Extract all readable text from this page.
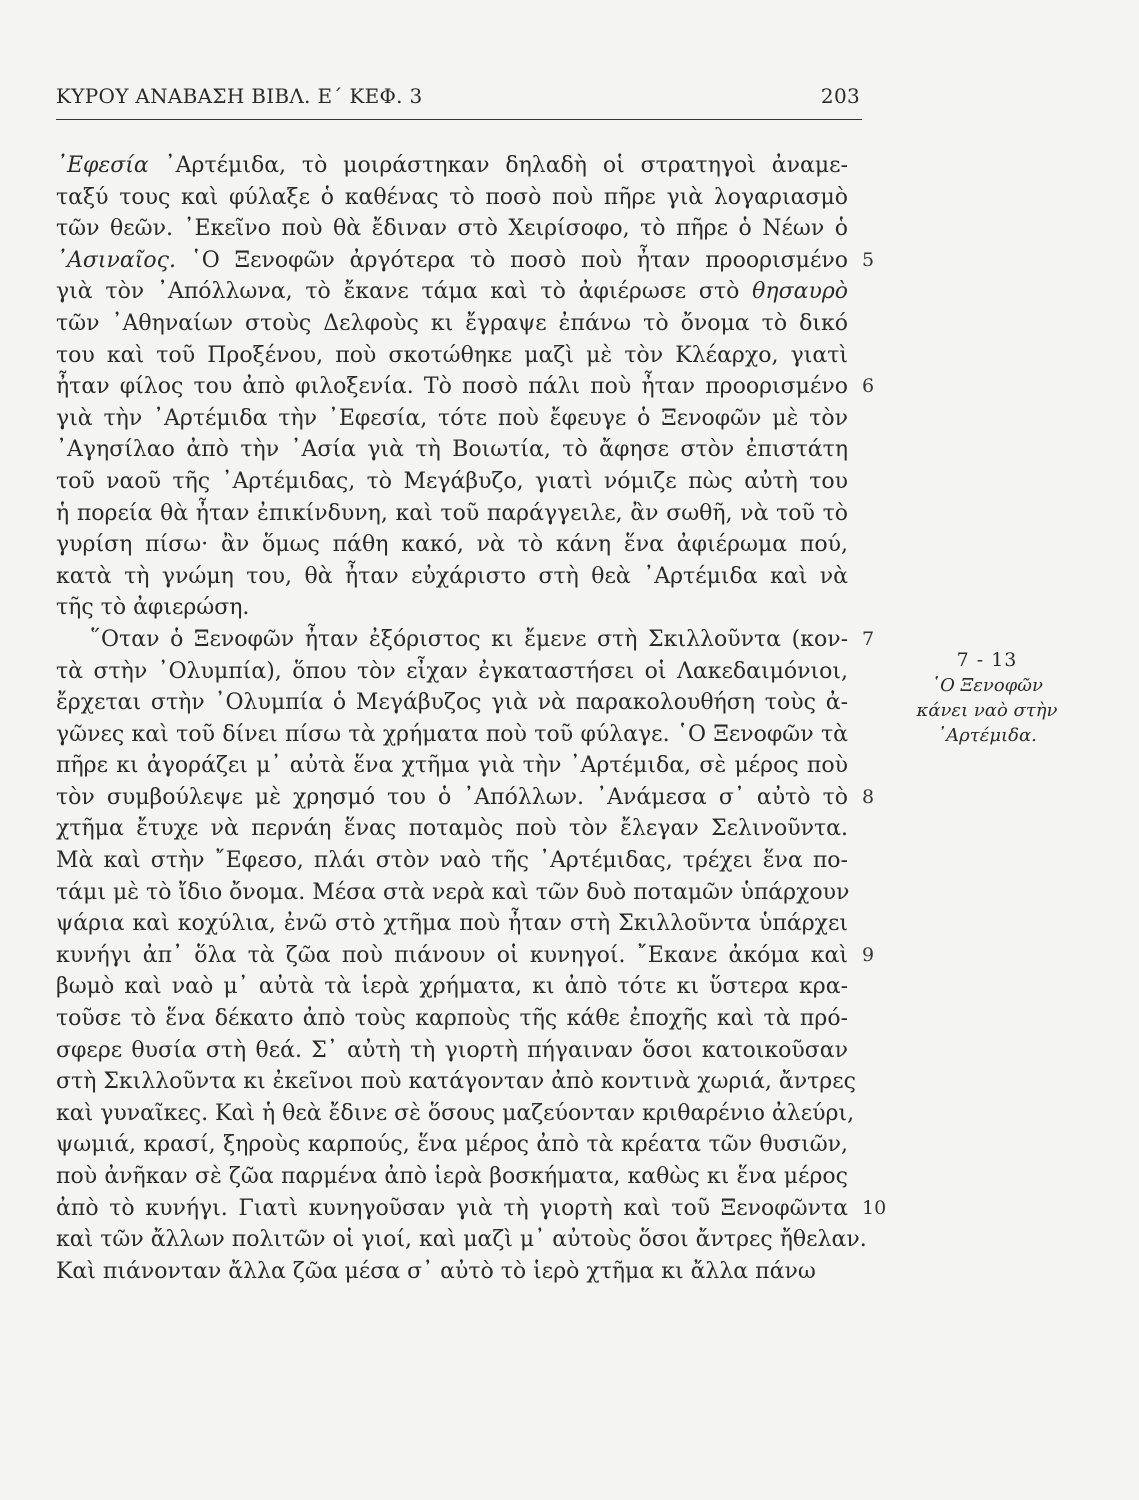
ΚΥΡΟΥ ΑΝΑΒΑΣΗ ΒΙΒΛ. Ε΄ ΚΕΦ. 3	203
᾽Εφεσία ᾽Αρτέμιδα, τὸ μοιράστηκαν δηλαδὴ οἱ στρατηγοὶ ἀναμε-
ταξύ τους καὶ φύλαξε ὁ καθένας τὸ ποσὸ ποὺ πῆρε γιὰ λογαριασμὸ
τῶν θεῶν. ᾽Εκεῖνο ποὺ θὰ ἔδιναν στὸ Χειρίσοφο, τὸ πῆρε ὁ Νέων ὁ
᾽Ασιναῖος. ῾Ο Ξενοφῶν ἀργότερα τὸ ποσὸ ποὺ ἦταν προορισμένο
γιὰ τὸν ᾽Απόλλωνα, τὸ ἔκανε τάμα καὶ τὸ ἀφιέρωσε στὸ θησαυρὸ
τῶν ᾽Αθηναίων στοὺς Δελφοὺς κι ἔγραψε ἐπάνω τὸ ὄνομα τὸ δικό
του καὶ τοῦ Προξένου, ποὺ σκοτώθηκε μαζὶ μὲ τὸν Κλέαρχο, γιατὶ
ἦταν φίλος του ἀπὸ φιλοξενία. Τὸ ποσὸ πάλι ποὺ ἦταν προορισμένο
γιὰ τὴν ᾽Αρτέμιδα τὴν ᾽Εφεσία, τότε ποὺ ἔφευγε ὁ Ξενοφῶν μὲ τὸν
᾽Αγησίλαο ἀπὸ τὴν ᾽Ασία γιὰ τὴ Βοιωτία, τὸ ἄφησε στὸν ἐπιστάτη
τοῦ ναοῦ τῆς ᾽Αρτέμιδας, τὸ Μεγάβυζο, γιατὶ νόμιζε πὼς αὐτὴ του
ἡ πορεία θὰ ἦταν ἐπικίνδυνη, καὶ τοῦ παράγγειλε, ἂν σωθῆ, νὰ τοῦ τὸ
γυρίση πίσω· ἂν ὅμως πάθη κακό, νὰ τὸ κάνη ἕνα ἀφιέρωμα πού,
κατὰ τὴ γνώμη του, θὰ ἦταν εὐχάριστο στὴ θεὰ ᾽Αρτέμιδα καὶ νὰ
τῆς τὸ ἀφιερώση.
῞Οταν ὁ Ξενοφῶν ἦταν ἐξόριστος κι ἔμενε στὴ Σκιλλοῦντα (κον-
τὰ στὴν ᾽Ολυμπία), ὅπου τὸν εἶχαν ἐγκαταστήσει οἱ Λακεδαιμόνιοι,
ἔρχεται στὴν ᾽Ολυμπία ὁ Μεγάβυζος γιὰ νὰ παρακολουθήση τοὺς ἀ-
γῶνες καὶ τοῦ δίνει πίσω τὰ χρήματα ποὺ τοῦ φύλαγε. ῾Ο Ξενοφῶν τὰ
πῆρε κι ἀγοράζει μ᾽ αὐτὰ ἕνα χτῆμα γιὰ τὴν ᾽Αρτέμιδα, σὲ μέρος ποὺ
τὸν συμβούλεψε μὲ χρησμό του ὁ ᾽Απόλλων. ᾽Ανάμεσα σ᾽ αὐτὸ τὸ
χτῆμα ἔτυχε νὰ περνάη ἕνας ποταμὸς ποὺ τὸν ἔλεγαν Σελινοῦντα.
Μὰ καὶ στὴν ῎Εφεσο, πλάι στὸν ναὸ τῆς ᾽Αρτέμιδας, τρέχει ἕνα πο-
τάμι μὲ τὸ ἴδιο ὄνομα. Μέσα στὰ νερὰ καὶ τῶν δυὸ ποταμῶν ὑπάρχουν
ψάρια καὶ κοχύλια, ἐνῶ στὸ χτῆμα ποὺ ἦταν στὴ Σκιλλοῦντα ὑπάρχει
κυνήγι ἀπ᾽ ὅλα τὰ ζῶα ποὺ πιάνουν οἱ κυνηγοί. ῎Εκανε ἀκόμα καὶ
βωμὸ καὶ ναὸ μ᾽ αὐτὰ τὰ ἱερὰ χρήματα, κι ἀπὸ τότε κι ὕστερα κρα-
τοῦσε τὸ ἕνα δέκατο ἀπὸ τοὺς καρποὺς τῆς κάθε ἐποχῆς καὶ τὰ πρό-
σφερε θυσία στὴ θεά. Σ᾽ αὐτὴ τὴ γιορτὴ πήγαιναν ὅσοι κατοικοῦσαν
στὴ Σκιλλοῦντα κι ἐκεῖνοι ποὺ κατάγονταν ἀπὸ κοντινὰ χωριά, ἄντρες
καὶ γυναῖκες. Καὶ ἡ θεὰ ἔδινε σὲ ὅσους μαζεύονταν κριθαρένιο ἀλεύρι,
ψωμιά, κρασί, ξηροὺς καρπούς, ἕνα μέρος ἀπὸ τὰ κρέατα τῶν θυσιῶν,
ποὺ ἀνῆκαν σὲ ζῶα παρμένα ἀπὸ ἱερὰ βοσκήματα, καθὼς κι ἕνα μέρος
ἀπὸ τὸ κυνήγι. Γιατὶ κυνηγοῦσαν γιὰ τὴ γιορτὴ καὶ τοῦ Ξενοφῶντα
καὶ τῶν ἄλλων πολιτῶν οἱ γιοί, καὶ μαζὶ μ᾽ αὐτοὺς ὅσοι ἄντρες ἤθελαν.
Καὶ πιάνονταν ἄλλα ζῶα μέσα σ᾽ αὐτὸ τὸ ἱερὸ χτῆμα κι ἄλλα πάνω
5
6
7
8
9
10
7 - 13
῾Ο Ξενοφῶν
κάνει ναὸ στὴν
᾽Αρτέμιδα.
